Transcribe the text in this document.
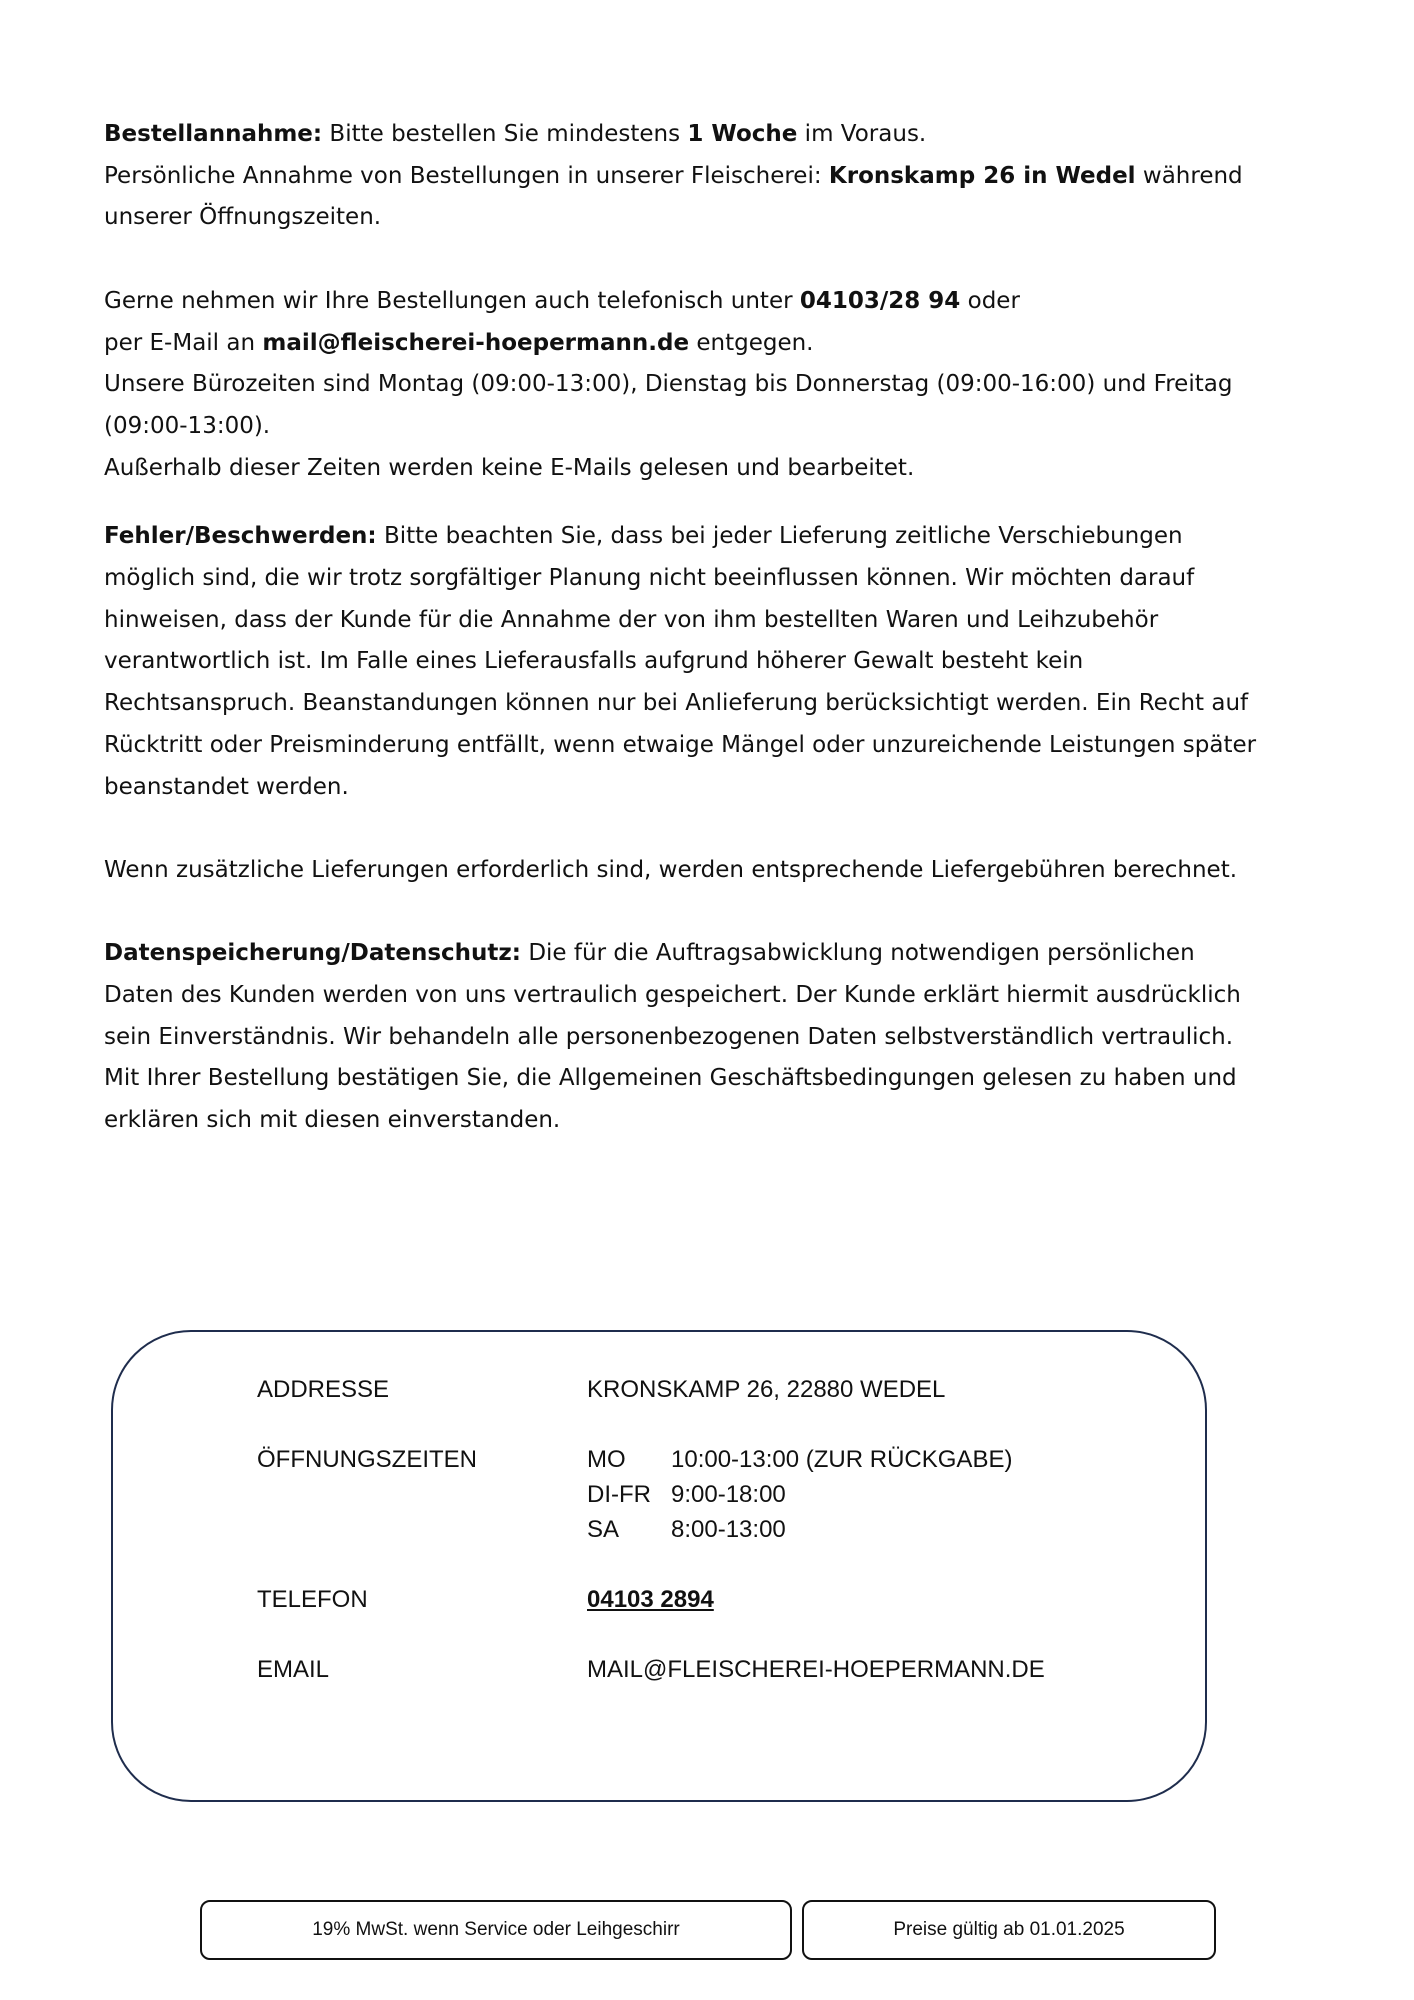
Bestellannahme: Bitte bestellen Sie mindestens 1 Woche im Voraus.

Persönliche Annahme von Bestellungen in unserer Fleischerei: Kronskamp 26 in Wedel während

unserer Öffnungszeiten.

Gerne nehmen wir Ihre Bestellungen auch telefonisch unter 04103/28 94 oder

per E-Mail an mail@fleischerei-hoepermann.de entgegen.

Unsere Bürozeiten sind Montag (09:00-13:00), Dienstag bis Donnerstag (09:00-16:00) und Freitag

(09:00-13:00).

Außerhalb dieser Zeiten werden keine E-Mails gelesen und bearbeitet.

Fehler/Beschwerden: Bitte beachten Sie, dass bei jeder Lieferung zeitliche Verschiebungen

möglich sind, die wir trotz sorgfältiger Planung nicht beeinflussen können. Wir möchten darauf

hinweisen, dass der Kunde für die Annahme der von ihm bestellten Waren und Leihzubehör

verantwortlich ist. Im Falle eines Lieferausfalls aufgrund höherer Gewalt besteht kein

Rechtsanspruch. Beanstandungen können nur bei Anlieferung berücksichtigt werden. Ein Recht auf

Rücktritt oder Preisminderung entfällt, wenn etwaige Mängel oder unzureichende Leistungen später

beanstandet werden.

Wenn zusätzliche Lieferungen erforderlich sind, werden entsprechende Liefergebühren berechnet.

Datenspeicherung/Datenschutz: Die für die Auftragsabwicklung notwendigen persönlichen

Daten des Kunden werden von uns vertraulich gespeichert. Der Kunde erklärt hiermit ausdrücklich

sein Einverständnis. Wir behandeln alle personenbezogenen Daten selbstverständlich vertraulich.

Mit Ihrer Bestellung bestätigen Sie, die Allgemeinen Geschäftsbedingungen gelesen zu haben und

erklären sich mit diesen einverstanden.

ADDRESSE	KRONSKAMP 26, 22880 WEDEL
ÖFFNUNGSZEITEN	MO 10:00-13:00 (ZUR RÜCKGABE)
DI-FR 9:00-18:00
SA 8:00-13:00
TELEFON	04103 2894
EMAIL	MAIL@FLEISCHEREI-HOEPERMANN.DE
19% MwSt. wenn Service oder Leihgeschirr	Preise gültig ab 01.01.2025
